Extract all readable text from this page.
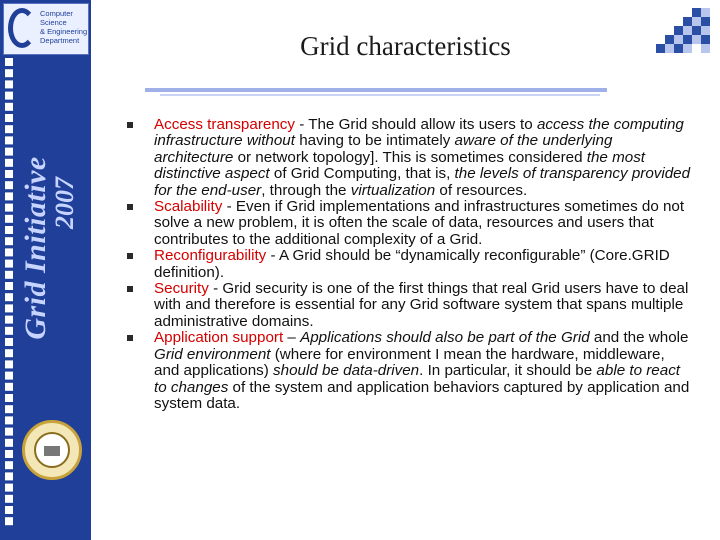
Computer Science
& Engineering
Department
Grid Initiative
2007
Grid characteristics
Access transparency - The Grid should allow its users to access the computing infrastructure without having to be intimately aware of the underlying architecture or network topology]. This is sometimes considered the most distinctive aspect of Grid Computing, that is, the levels of transparency provided for the end-user, through the virtualization of resources.
Scalability - Even if Grid implementations and infrastructures sometimes do not solve a new problem, it is often the scale of data, resources and users that contributes to the additional complexity of a Grid.
Reconfigurability - A Grid should be “dynamically reconfigurable” (Core.GRID definition).
Security - Grid security is one of the first things that real Grid users have to deal with and therefore is essential for any Grid software system that spans multiple administrative domains.
Application support – Applications should also be part of the Grid and the whole Grid environment (where for environment I mean the hardware, middleware, and applications) should be data-driven. In particular, it should be able to react to changes of the system and application behaviors captured by application and system data.
